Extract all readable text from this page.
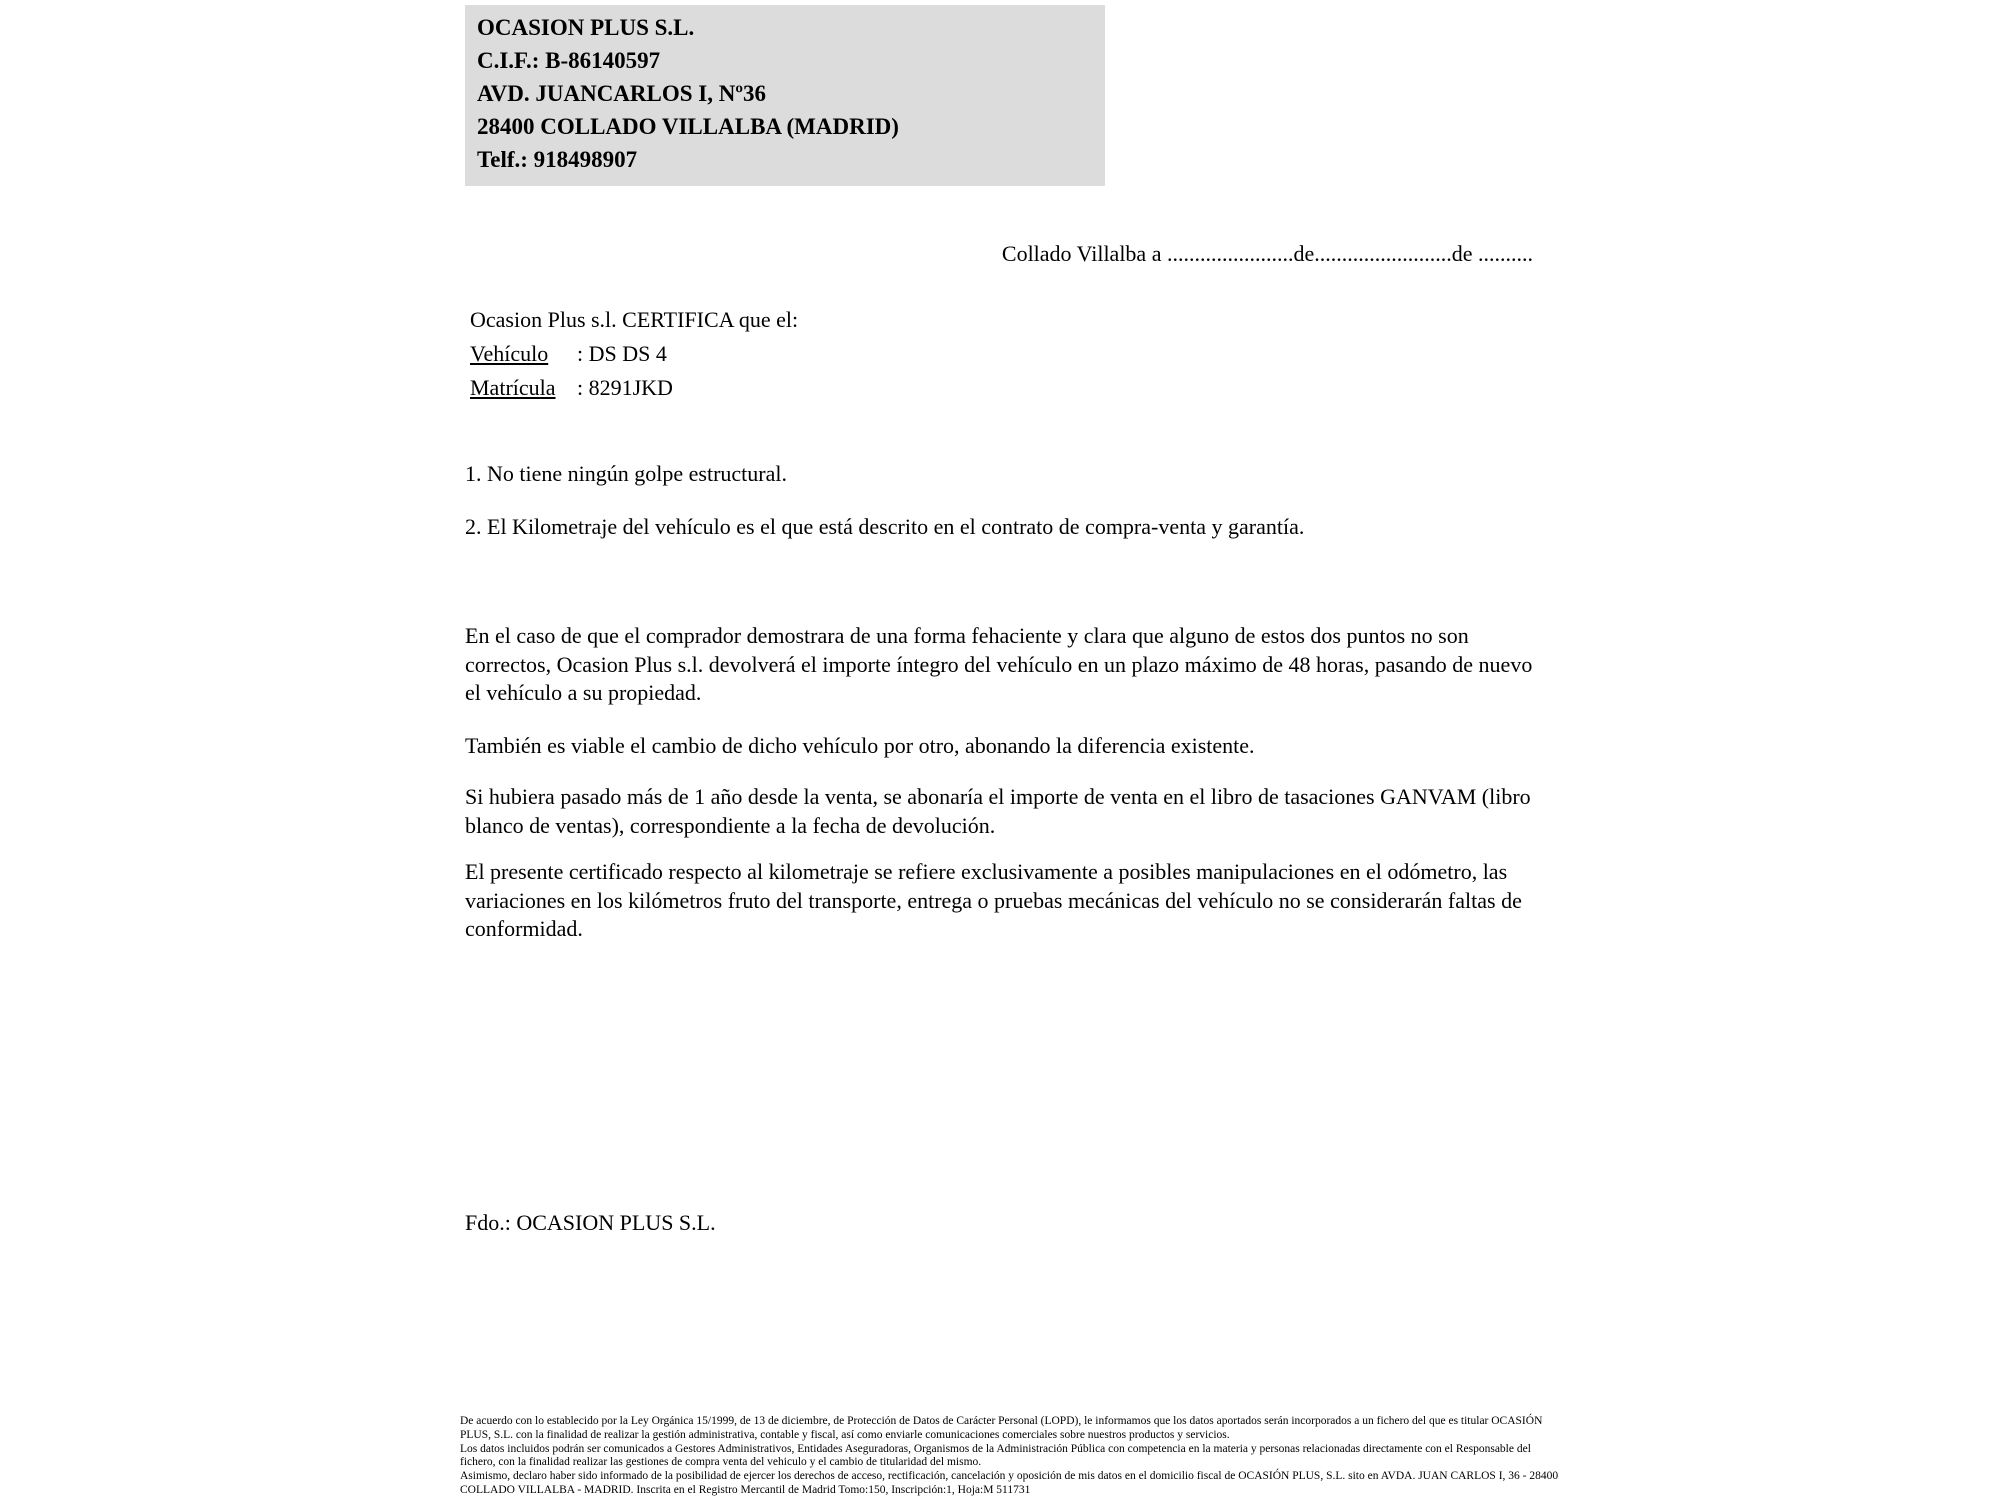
OCASION PLUS S.L.
C.I.F.: B-86140597
AVD. JUANCARLOS I, Nº36
28400 COLLADO VILLALBA (MADRID)
Telf.: 918498907
Collado Villalba a .......................de.........................de ..........
Ocasion Plus s.l. CERTIFICA que el:
Vehículo : DS DS 4
Matrícula : 8291JKD
1. No tiene ningún golpe estructural.
2. El Kilometraje del vehículo es el que está descrito en el contrato de compra-venta y garantía.
En el caso de que el comprador demostrara de una forma fehaciente y clara que alguno de estos dos puntos no son correctos, Ocasion Plus s.l. devolverá el importe íntegro del vehículo en un plazo máximo de 48 horas, pasando de nuevo el vehículo a su propiedad.
También es viable el cambio de dicho vehículo por otro, abonando la diferencia existente.
Si hubiera pasado más de 1 año desde la venta, se abonaría el importe de venta en el libro de tasaciones GANVAM (libro blanco de ventas), correspondiente a la fecha de devolución.
El presente certificado respecto al kilometraje se refiere exclusivamente a posibles manipulaciones en el odómetro, las variaciones en los kilómetros fruto del transporte, entrega o pruebas mecánicas del vehículo no se considerarán faltas de conformidad.
Fdo.: OCASION PLUS S.L.
De acuerdo con lo establecido por la Ley Orgánica 15/1999, de 13 de diciembre, de Protección de Datos de Carácter Personal (LOPD), le informamos que los datos aportados serán incorporados a un fichero del que es titular OCASIÓN PLUS, S.L. con la finalidad de realizar la gestión administrativa, contable y fiscal, así como enviarle comunicaciones comerciales sobre nuestros productos y servicios.
Los datos incluidos podrán ser comunicados a Gestores Administrativos, Entidades Aseguradoras, Organismos de la Administración Pública con competencia en la materia y personas relacionadas directamente con el Responsable del fichero, con la finalidad realizar las gestiones de compra venta del vehiculo y el cambio de titularidad del mismo.
Asimismo, declaro haber sido informado de la posibilidad de ejercer los derechos de acceso, rectificación, cancelación y oposición de mis datos en el domicilio fiscal de OCASIÓN PLUS, S.L. sito en AVDA. JUAN CARLOS I, 36 - 28400 COLLADO VILLALBA - MADRID. Inscrita en el Registro Mercantil de Madrid Tomo:150, Inscripción:1, Hoja:M 511731
